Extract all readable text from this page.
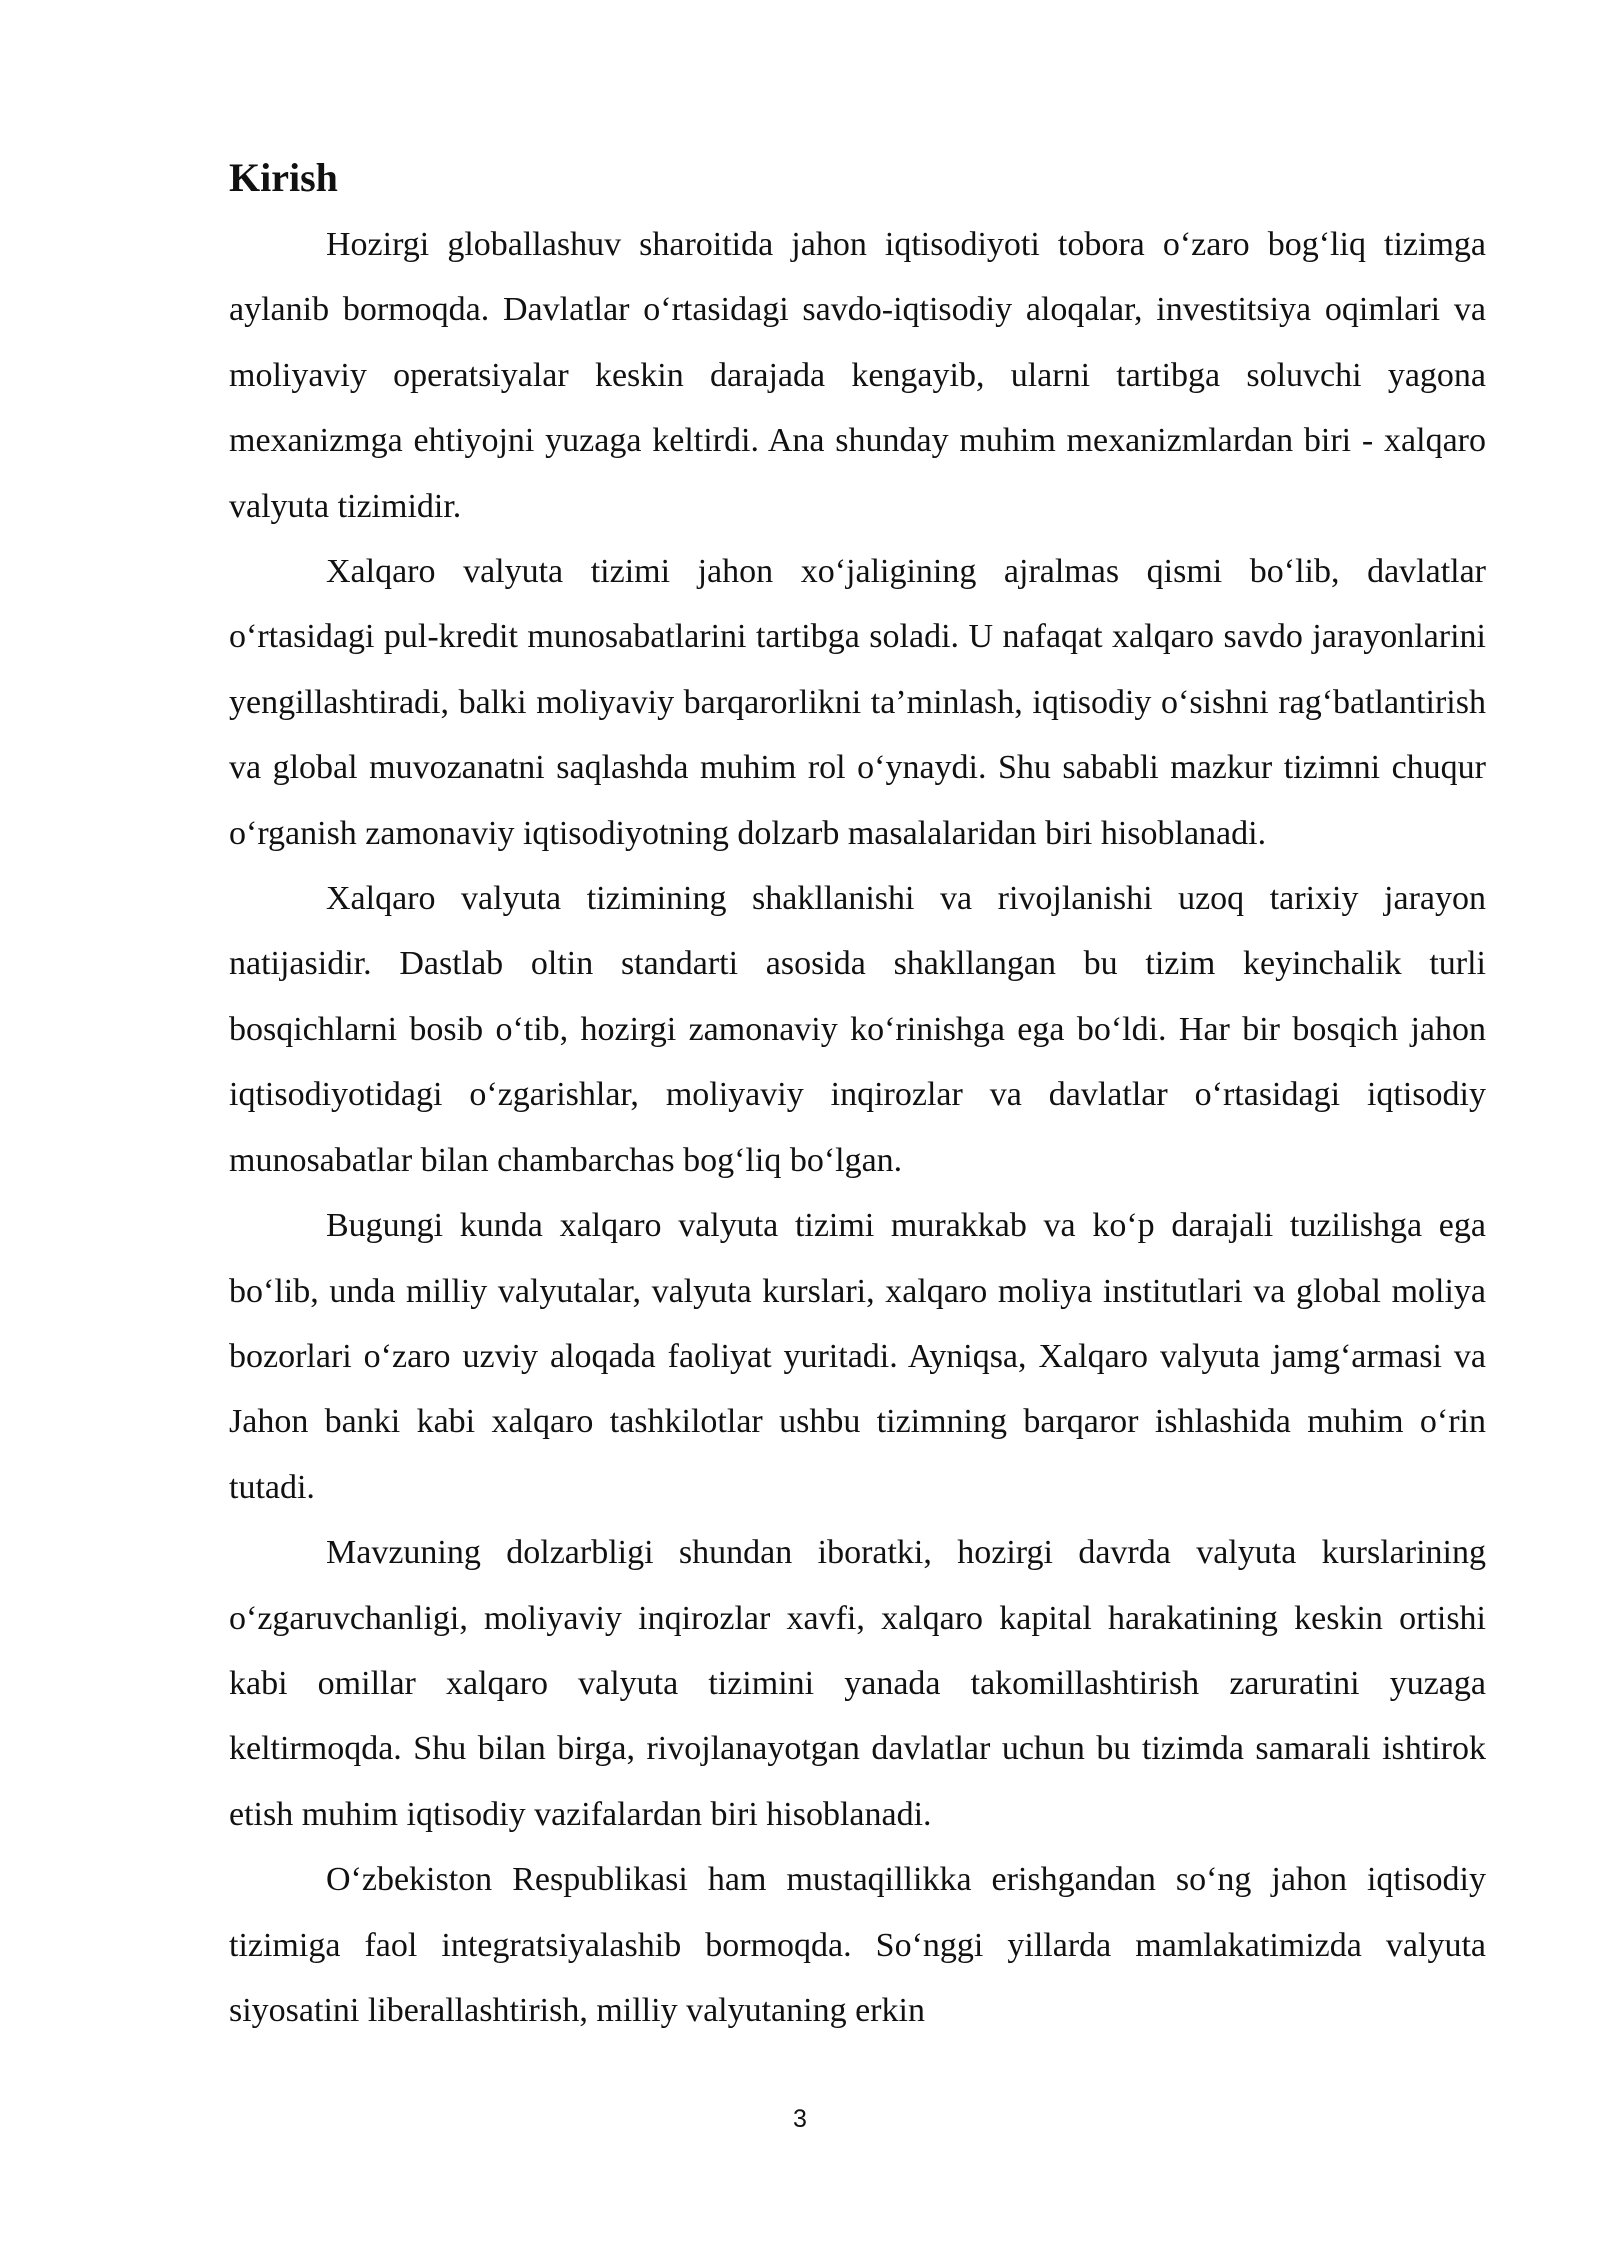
Kirish

Hozirgi globallashuv sharoitida jahon iqtisodiyoti tobora o‘zaro bog‘liq tizimga aylanib bormoqda. Davlatlar o‘rtasidagi savdo-iqtisodiy aloqalar, investitsiya oqimlari va moliyaviy operatsiyalar keskin darajada kengayib, ularni tartibga soluvchi yagona mexanizmga ehtiyojni yuzaga keltirdi. Ana shunday muhim mexanizmlardan biri - xalqaro valyuta tizimidir.

Xalqaro valyuta tizimi jahon xo‘jaligining ajralmas qismi bo‘lib, davlatlar o‘rtasidagi pul-kredit munosabatlarini tartibga soladi. U nafaqat xalqaro savdo jarayonlarini yengillashtiradi, balki moliyaviy barqarorlikni ta’minlash, iqtisodiy o‘sishni rag‘batlantirish va global muvozanatni saqlashda muhim rol o‘ynaydi. Shu sababli mazkur tizimni chuqur o‘rganish zamonaviy iqtisodiyotning dolzarb masalalaridan biri hisoblanadi.

Xalqaro valyuta tizimining shakllanishi va rivojlanishi uzoq tarixiy jarayon natijasidir. Dastlab oltin standarti asosida shakllangan bu tizim keyinchalik turli bosqichlarni bosib o‘tib, hozirgi zamonaviy ko‘rinishga ega bo‘ldi. Har bir bosqich jahon iqtisodiyotidagi o‘zgarishlar, moliyaviy inqirozlar va davlatlar o‘rtasidagi iqtisodiy munosabatlar bilan chambarchas bog‘liq bo‘lgan.

Bugungi kunda xalqaro valyuta tizimi murakkab va ko‘p darajali tuzilishga ega bo‘lib, unda milliy valyutalar, valyuta kurslari, xalqaro moliya institutlari va global moliya bozorlari o‘zaro uzviy aloqada faoliyat yuritadi. Ayniqsa, Xalqaro valyuta jamg‘armasi va Jahon banki kabi xalqaro tashkilotlar ushbu tizimning barqaror ishlashida muhim o‘rin tutadi.

Mavzuning dolzarbligi shundan iboratki, hozirgi davrda valyuta kurslarining o‘zgaruvchanligi, moliyaviy inqirozlar xavfi, xalqaro kapital harakatining keskin ortishi kabi omillar xalqaro valyuta tizimini yanada takomillashtirish zaruratini yuzaga keltirmoqda. Shu bilan birga, rivojlanayotgan davlatlar uchun bu tizimda samarali ishtirok etish muhim iqtisodiy vazifalardan biri hisoblanadi.

O‘zbekiston Respublikasi ham mustaqillikka erishgandan so‘ng jahon iqtisodiy tizimiga faol integratsiyalashib bormoqda. So‘nggi yillarda mamlakatimizda valyuta siyosatini liberallashtirish, milliy valyutaning erkin

3
